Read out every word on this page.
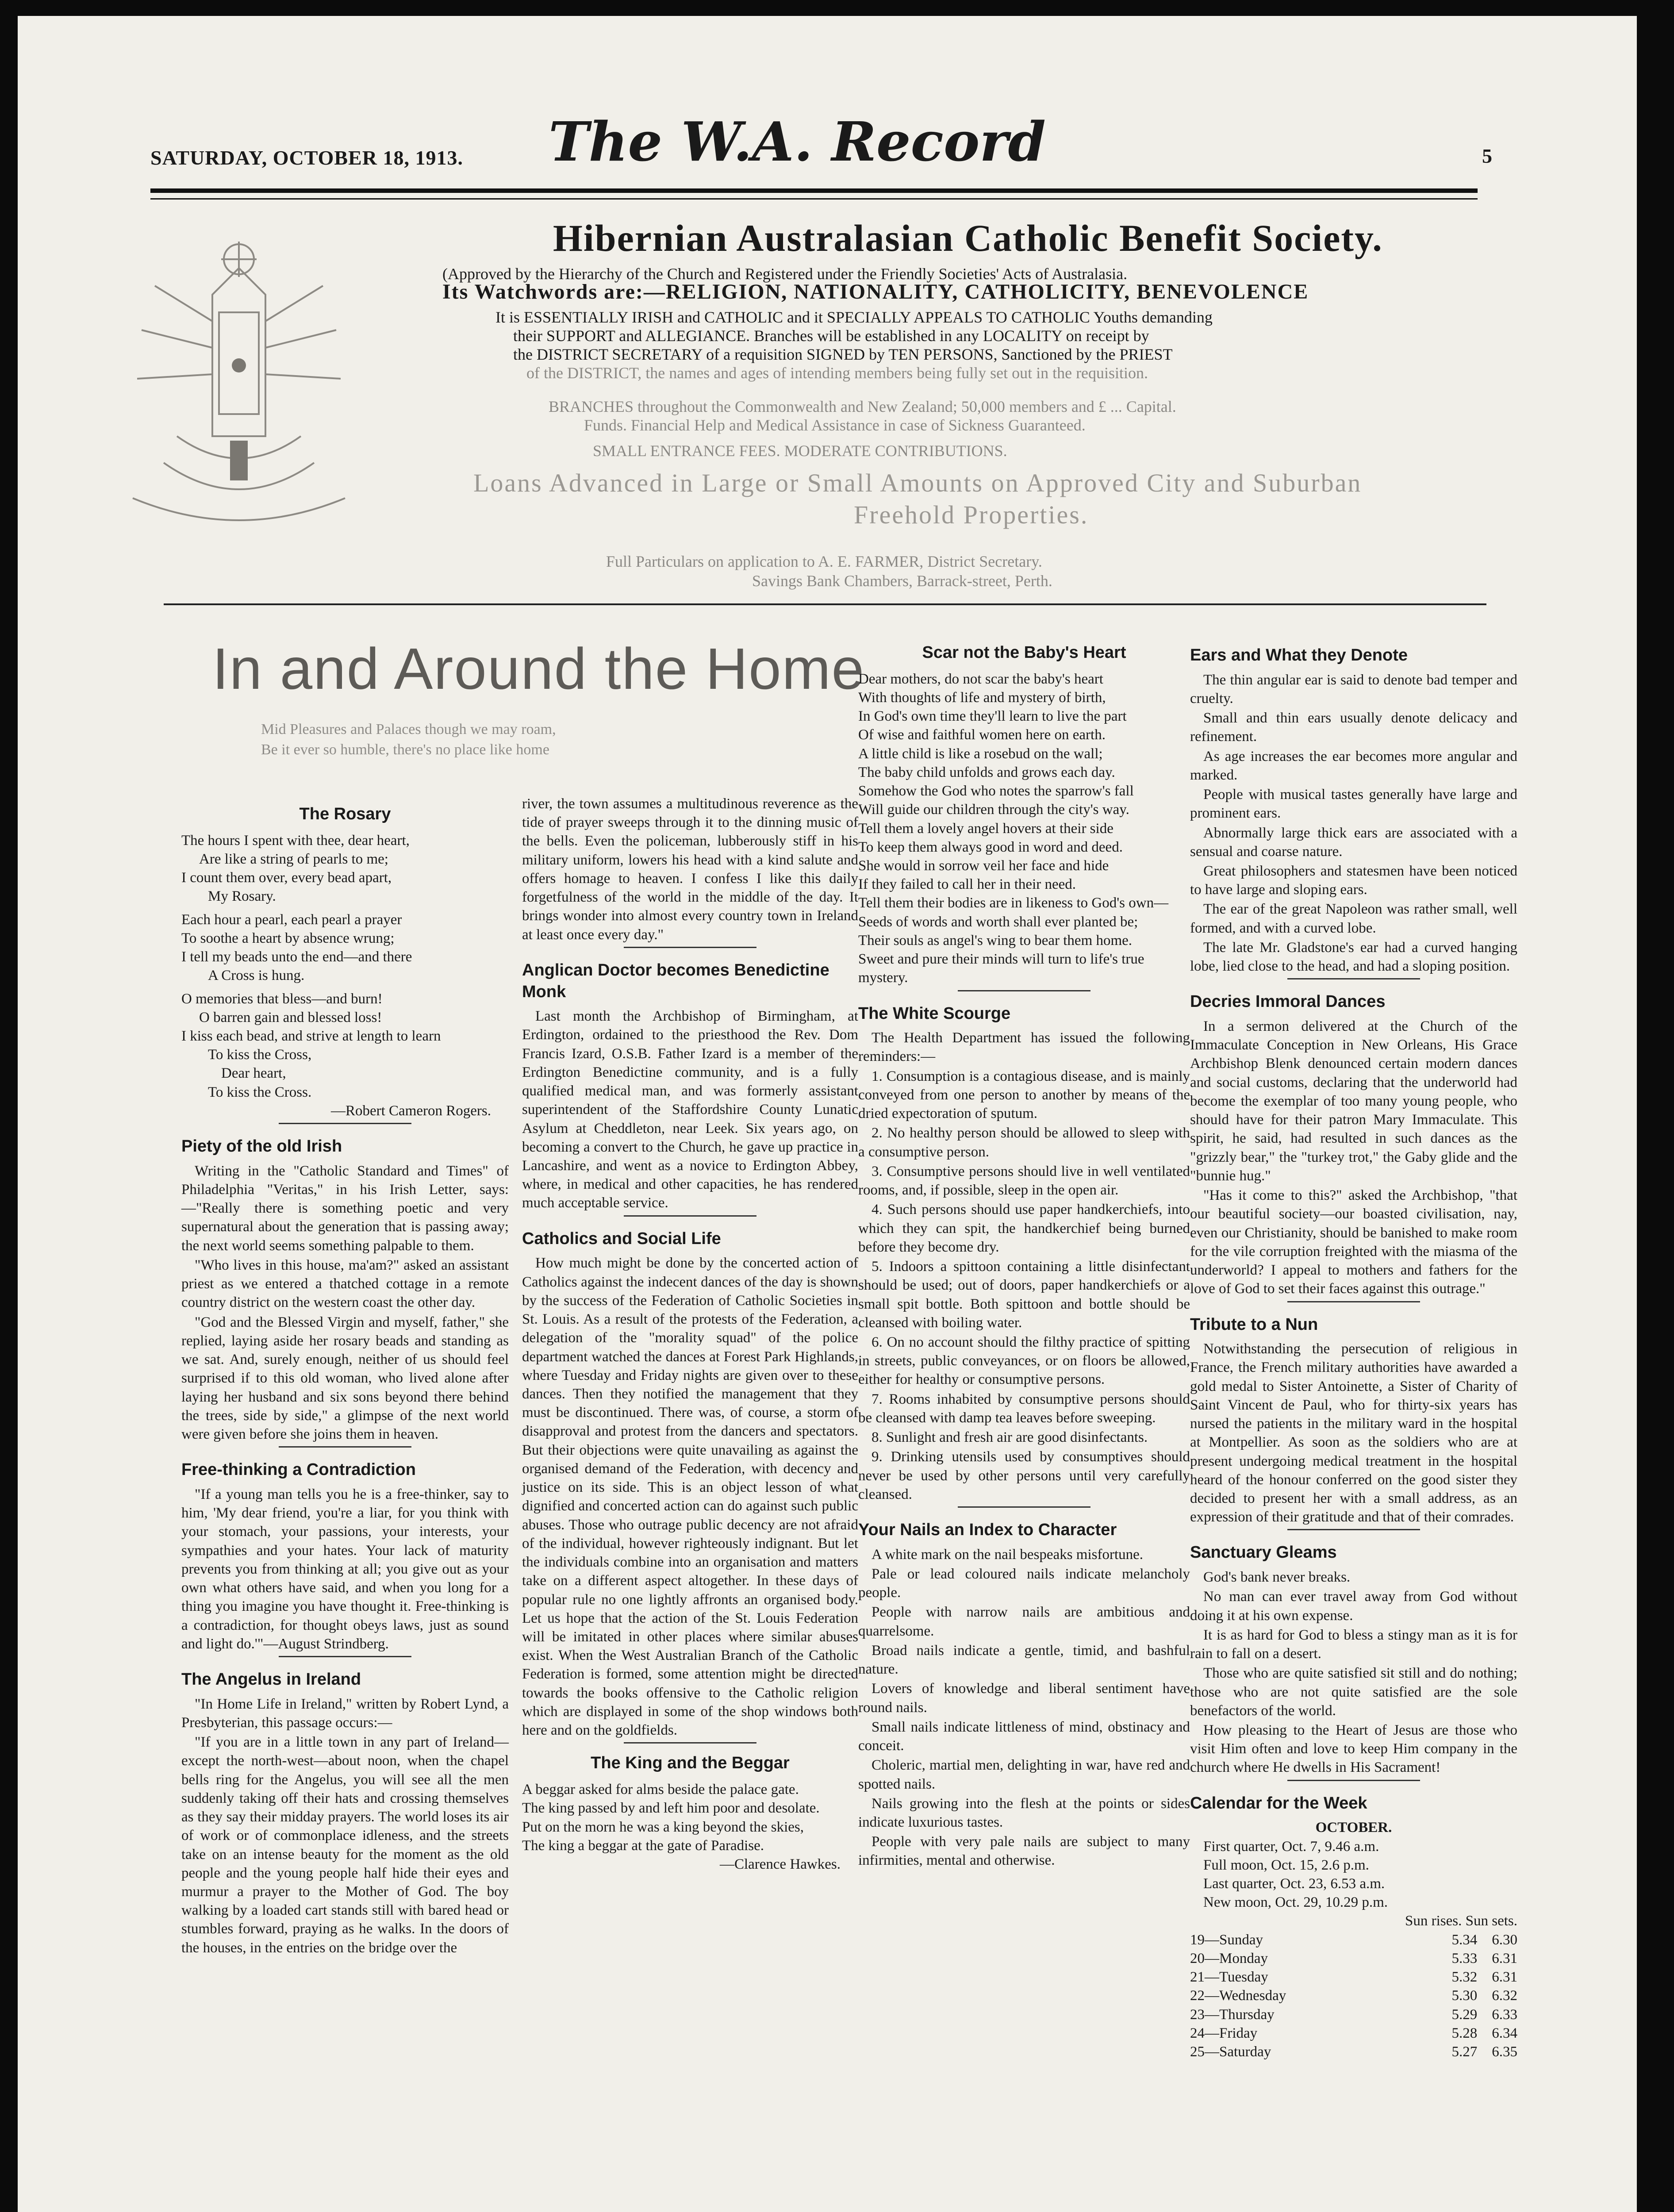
SATURDAY, OCTOBER 18, 1913. The W.A. Record	5
Hibernian Australasian Catholic Benefit Society.
(Approved by the Hierarchy of the Church and Registered under the Friendly Societies' Acts of Australasia.
Its Watchwords are:—RELIGION, NATIONALITY, CATHOLICITY, BENEVOLENCE
It is ESSENTIALLY IRISH and CATHOLIC and it SPECIALLY APPEALS TO CATHOLIC Youths demanding
their SUPPORT and ALLEGIANCE. Branches will be established in any LOCALITY on receipt by
the DISTRICT SECRETARY of a requisition SIGNED by TEN PERSONS, Sanctioned by the PRIEST
of the DISTRICT, the names and ages of intending members being fully set out in the requisition.
BRANCHES throughout the Commonwealth and New Zealand; 50,000 members and £ ... Capital.
Funds. Financial Help and Medical Assistance in case of Sickness Guaranteed.
SMALL ENTRANCE FEES. MODERATE CONTRIBUTIONS.
Loans Advanced in Large or Small Amounts on Approved City and Suburban
Freehold Properties.
Full Particulars on application to A. E. FARMER, District Secretary.
Savings Bank Chambers, Barrack-street, Perth.
In and Around the Home
Mid Pleasures and Palaces though we may roam,
Be it ever so humble, there's no place like home
The Rosary
The hours I spent with thee, dear heart,
Are like a string of pearls to me;
I count them over, every bead apart,
My Rosary.
Each hour a pearl, each pearl a prayer
To soothe a heart by absence wrung;
I tell my beads unto the end—and there
A Cross is hung.
O memories that bless—and burn!
O barren gain and blessed loss!
I kiss each bead, and strive at length to learn
To kiss the Cross,
Dear heart,
To kiss the Cross.
—Robert Cameron Rogers.
Piety of the old Irish

Writing in the "Catholic Standard and Times" of Philadelphia "Veritas," in his Irish Letter, says:—"Really there is something poetic and very supernatural about the generation that is passing away; the next world seems something palpable to them.

"Who lives in this house, ma'am?" asked an assistant priest as we entered a thatched cottage in a remote country district on the western coast the other day.

"God and the Blessed Virgin and myself, father," she replied, laying aside her rosary beads and standing as we sat. And, surely enough, neither of us should feel surprised if to this old woman, who lived alone after laying her husband and six sons beyond there behind the trees, side by side," a glimpse of the next world were given before she joins them in heaven.

Free-thinking a Contradiction

"If a young man tells you he is a free-thinker, say to him, 'My dear friend, you're a liar, for you think with your stomach, your passions, your interests, your sympathies and your hates. Your lack of maturity prevents you from thinking at all; you give out as your own what others have said, and when you long for a thing you imagine you have thought it. Free-thinking is a contradiction, for thought obeys laws, just as sound and light do.'"—August Strindberg.

The Angelus in Ireland

"In Home Life in Ireland," written by Robert Lynd, a Presbyterian, this passage occurs:—

"If you are in a little town in any part of Ireland—except the north-west—about noon, when the chapel bells ring for the Angelus, you will see all the men suddenly taking off their hats and crossing themselves as they say their midday prayers. The world loses its air of work or of commonplace idleness, and the streets take on an intense beauty for the moment as the old people and the young people half hide their eyes and murmur a prayer to the Mother of God. The boy walking by a loaded cart stands still with bared head or stumbles forward, praying as he walks. In the doors of the houses, in the entries on the bridge over the

river, the town assumes a multitudinous reverence as the tide of prayer sweeps through it to the dinning music of the bells. Even the policeman, lubberously stiff in his military uniform, lowers his head with a kind salute and offers homage to heaven. I confess I like this daily forgetfulness of the world in the middle of the day. It brings wonder into almost every country town in Ireland at least once every day."

Anglican Doctor becomes Benedictine Monk

Last month the Archbishop of Birmingham, at Erdington, ordained to the priesthood the Rev. Dom Francis Izard, O.S.B. Father Izard is a member of the Erdington Benedictine community, and is a fully qualified medical man, and was formerly assistant superintendent of the Staffordshire County Lunatic Asylum at Cheddleton, near Leek. Six years ago, on becoming a convert to the Church, he gave up practice in Lancashire, and went as a novice to Erdington Abbey, where, in medical and other capacities, he has rendered much acceptable service.

Catholics and Social Life

How much might be done by the concerted action of Catholics against the indecent dances of the day is shown by the success of the Federation of Catholic Societies in St. Louis. As a result of the protests of the Federation, a delegation of the "morality squad" of the police department watched the dances at Forest Park Highlands, where Tuesday and Friday nights are given over to these dances. Then they notified the management that they must be discontinued. There was, of course, a storm of disapproval and protest from the dancers and spectators. But their objections were quite unavailing as against the organised demand of the Federation, with decency and justice on its side. This is an object lesson of what dignified and concerted action can do against such public abuses. Those who outrage public decency are not afraid of the individual, however righteously indignant. But let the individuals combine into an organisation and matters take on a different aspect altogether. In these days of popular rule no one lightly affronts an organised body. Let us hope that the action of the St. Louis Federation will be imitated in other places where similar abuses exist. When the West Australian Branch of the Catholic Federation is formed, some attention might be directed towards the books offensive to the Catholic religion which are displayed in some of the shop windows both here and on the goldfields.

The King and the Beggar
A beggar asked for alms beside the palace gate.
The king passed by and left him poor and desolate.
Put on the morn he was a king beyond the skies,
The king a beggar at the gate of Paradise.
—Clarence Hawkes.
Scar not the Baby's Heart
Dear mothers, do not scar the baby's heart
With thoughts of life and mystery of birth,
In God's own time they'll learn to live the part
Of wise and faithful women here on earth.
A little child is like a rosebud on the wall;
The baby child unfolds and grows each day.
Somehow the God who notes the sparrow's fall
Will guide our children through the city's way.
Tell them a lovely angel hovers at their side
To keep them always good in word and deed.
She would in sorrow veil her face and hide
If they failed to call her in their need.
Tell them their bodies are in likeness to God's own—
Seeds of words and worth shall ever planted be;
Their souls as angel's wing to bear them home.
Sweet and pure their minds will turn to life's true mystery.
The White Scourge

The Health Department has issued the following reminders:—

1. Consumption is a contagious disease, and is mainly conveyed from one person to another by means of the dried expectoration of sputum.

2. No healthy person should be allowed to sleep with a consumptive person.

3. Consumptive persons should live in well ventilated rooms, and, if possible, sleep in the open air.

4. Such persons should use paper handkerchiefs, into which they can spit, the handkerchief being burned before they become dry.

5. Indoors a spittoon containing a little disinfectant should be used; out of doors, paper handkerchiefs or a small spit bottle. Both spittoon and bottle should be cleansed with boiling water.

6. On no account should the filthy practice of spitting in streets, public conveyances, or on floors be allowed, either for healthy or consumptive persons.

7. Rooms inhabited by consumptive persons should be cleansed with damp tea leaves before sweeping.

8. Sunlight and fresh air are good disinfectants.

9. Drinking utensils used by consumptives should never be used by other persons until very carefully cleansed.

Your Nails an Index to Character

A white mark on the nail bespeaks misfortune.

Pale or lead coloured nails indicate melancholy people.

People with narrow nails are ambitious and quarrelsome.

Broad nails indicate a gentle, timid, and bashful nature.

Lovers of knowledge and liberal sentiment have round nails.

Small nails indicate littleness of mind, obstinacy and conceit.

Choleric, martial men, delighting in war, have red and spotted nails.

Nails growing into the flesh at the points or sides indicate luxurious tastes.

People with very pale nails are subject to many infirmities, mental and otherwise.

Ears and What they Denote

The thin angular ear is said to denote bad temper and cruelty.

Small and thin ears usually denote delicacy and refinement.

As age increases the ear becomes more angular and marked.

People with musical tastes generally have large and prominent ears.

Abnormally large thick ears are associated with a sensual and coarse nature.

Great philosophers and statesmen have been noticed to have large and sloping ears.

The ear of the great Napoleon was rather small, well formed, and with a curved lobe.

The late Mr. Gladstone's ear had a curved hanging lobe, lied close to the head, and had a sloping position.

Decries Immoral Dances

In a sermon delivered at the Church of the Immaculate Conception in New Orleans, His Grace Archbishop Blenk denounced certain modern dances and social customs, declaring that the underworld had become the exemplar of too many young people, who should have for their patron Mary Immaculate. This spirit, he said, had resulted in such dances as the "grizzly bear," the "turkey trot," the Gaby glide and the "bunnie hug."

"Has it come to this?" asked the Archbishop, "that our beautiful society—our boasted civilisation, nay, even our Christianity, should be banished to make room for the vile corruption freighted with the miasma of the underworld? I appeal to mothers and fathers for the love of God to set their faces against this outrage."

Tribute to a Nun

Notwithstanding the persecution of religious in France, the French military authorities have awarded a gold medal to Sister Antoinette, a Sister of Charity of Saint Vincent de Paul, who for thirty-six years has nursed the patients in the military ward in the hospital at Montpellier. As soon as the soldiers who are at present undergoing medical treatment in the hospital heard of the honour conferred on the good sister they decided to present her with a small address, as an expression of their gratitude and that of their comrades.

Sanctuary Gleams

God's bank never breaks.

No man can ever travel away from God without doing it at his own expense.

It is as hard for God to bless a stingy man as it is for rain to fall on a desert.

Those who are quite satisfied sit still and do nothing; those who are not quite satisfied are the sole benefactors of the world.

How pleasing to the Heart of Jesus are those who visit Him often and love to keep Him company in the church where He dwells in His Sacrament!

Calendar for the Week
OCTOBER.
First quarter, Oct. 7, 9.46 a.m.
Full moon, Oct. 15, 2.6 p.m.
Last quarter, Oct. 23, 6.53 a.m.
New moon, Oct. 29, 10.29 p.m.
Sun rises. Sun sets.
19—Sunday	5.34 6.30
20—Monday	5.33 6.31
21—Tuesday	5.32 6.31
22—Wednesday	5.30 6.32
23—Thursday	5.29 6.33
24—Friday	5.28 6.34
25—Saturday	5.27 6.35
